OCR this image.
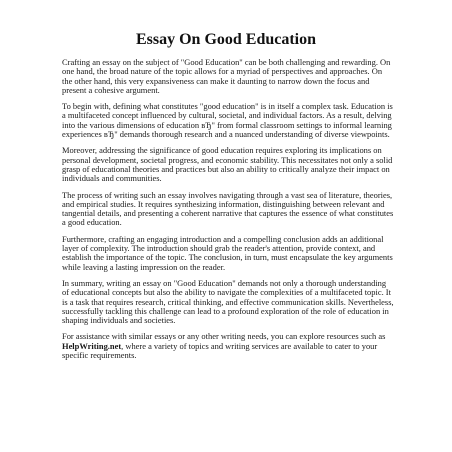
Essay On Good Education

Crafting an essay on the subject of "Good Education" can be both challenging and rewarding. On one hand, the broad nature of the topic allows for a myriad of perspectives and approaches. On the other hand, this very expansiveness can make it daunting to narrow down the focus and present a cohesive argument.

To begin with, defining what constitutes "good education" is in itself a complex task. Education is a multifaceted concept influenced by cultural, societal, and individual factors. As a result, delving into the various dimensions of education вЂ" from formal classroom settings to informal learning experiences вЂ" demands thorough research and a nuanced understanding of diverse viewpoints.

Moreover, addressing the significance of good education requires exploring its implications on personal development, societal progress, and economic stability. This necessitates not only a solid grasp of educational theories and practices but also an ability to critically analyze their impact on individuals and communities.

The process of writing such an essay involves navigating through a vast sea of literature, theories, and empirical studies. It requires synthesizing information, distinguishing between relevant and tangential details, and presenting a coherent narrative that captures the essence of what constitutes a good education.

Furthermore, crafting an engaging introduction and a compelling conclusion adds an additional layer of complexity. The introduction should grab the reader's attention, provide context, and establish the importance of the topic. The conclusion, in turn, must encapsulate the key arguments while leaving a lasting impression on the reader.

In summary, writing an essay on "Good Education" demands not only a thorough understanding of educational concepts but also the ability to navigate the complexities of a multifaceted topic. It is a task that requires research, critical thinking, and effective communication skills. Nevertheless, successfully tackling this challenge can lead to a profound exploration of the role of education in shaping individuals and societies.

For assistance with similar essays or any other writing needs, you can explore resources such as HelpWriting.net, where a variety of topics and writing services are available to cater to your specific requirements.
